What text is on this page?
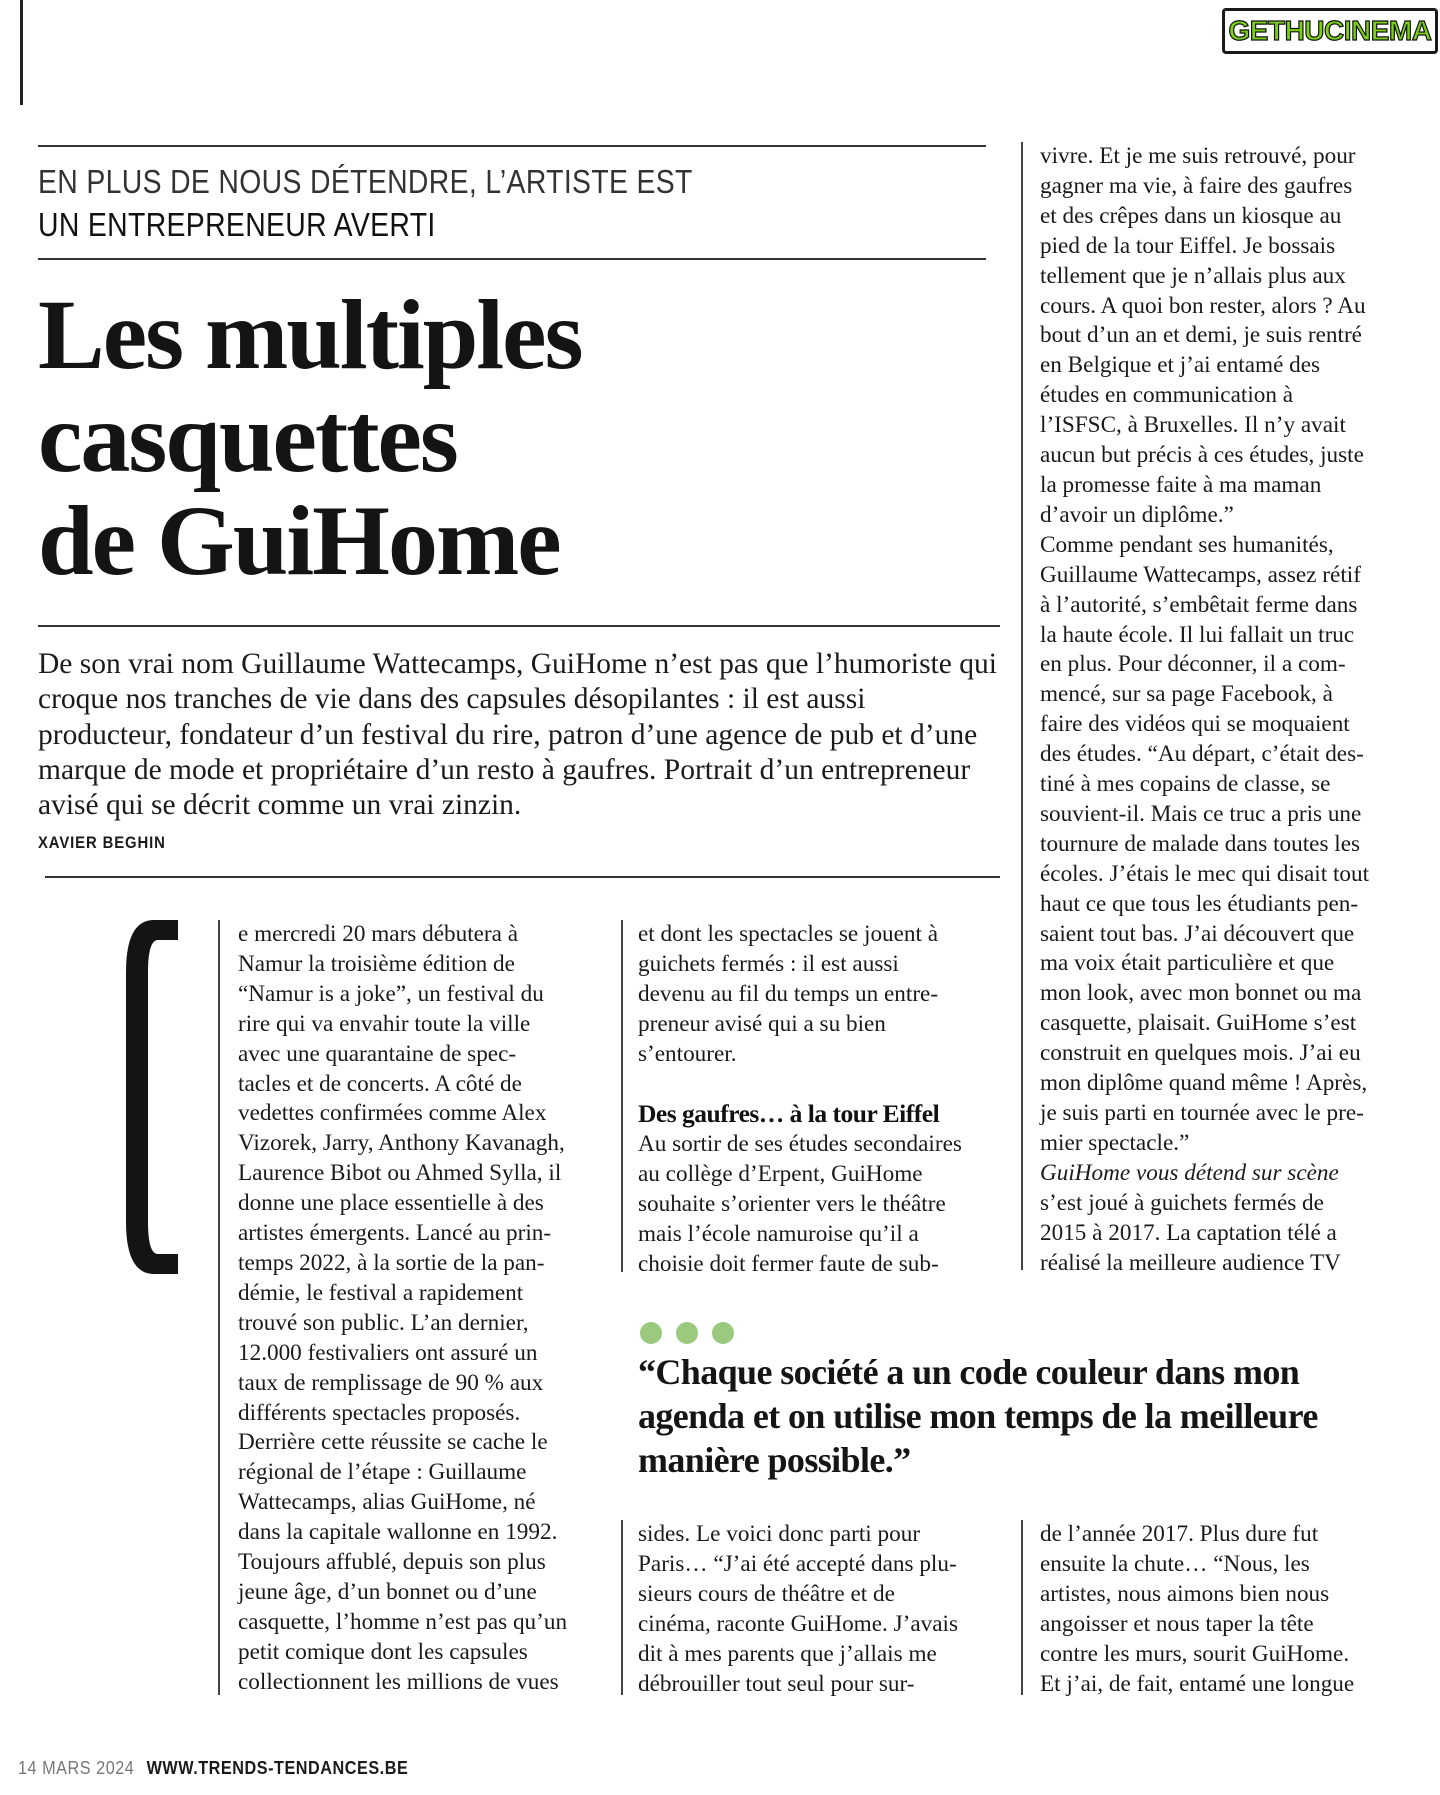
GETHUCINEMA
EN PLUS DE NOUS DÉTENDRE, L’ARTISTE EST
UN ENTREPRENEUR AVERTI
Les multiples
casquettes
de GuiHome

De son vrai nom Guillaume Wattecamps, GuiHome n’est pas que l’humoriste qui croque nos tranches de vie dans des capsules désopilantes : il est aussi producteur, fondateur d’un festival du rire, patron d’une agence de pub et d’une marque de mode et propriétaire d’un resto à gaufres. Portrait d’un entrepreneur avisé qui se décrit comme un vrai zinzin.

XAVIER BEGHIN
e mercredi 20 mars débutera à
Namur la troisième édition de
“Namur is a joke”, un festival du
rire qui va envahir toute la ville
avec une quarantaine de spec-
tacles et de concerts. A côté de
vedettes confirmées comme Alex
Vizorek, Jarry, Anthony Kavanagh,
Laurence Bibot ou Ahmed Sylla, il
donne une place essentielle à des
artistes émergents. Lancé au prin-
temps 2022, à la sortie de la pan-
démie, le festival a rapidement
trouvé son public. L’an dernier,
12.000 festivaliers ont assuré un
taux de remplissage de 90 % aux
différents spectacles proposés.
Derrière cette réussite se cache le
régional de l’étape : Guillaume
Wattecamps, alias GuiHome, né
dans la capitale wallonne en 1992.
Toujours affublé, depuis son plus
jeune âge, d’un bonnet ou d’une
casquette, l’homme n’est pas qu’un
petit comique dont les capsules
collectionnent les millions de vues
et dont les spectacles se jouent à
guichets fermés : il est aussi
devenu au fil du temps un entre-
preneur avisé qui a su bien
s’entourer.
Des gaufres… à la tour Eiffel
Au sortir de ses études secondaires
au collège d’Erpent, GuiHome
souhaite s’orienter vers le théâtre
mais l’école namuroise qu’il a
choisie doit fermer faute de sub-
vivre. Et je me suis retrouvé, pour
gagner ma vie, à faire des gaufres
et des crêpes dans un kiosque au
pied de la tour Eiffel. Je bossais
tellement que je n’allais plus aux
cours. A quoi bon rester, alors ? Au
bout d’un an et demi, je suis rentré
en Belgique et j’ai entamé des
études en communication à
l’ISFSC, à Bruxelles. Il n’y avait
aucun but précis à ces études, juste
la promesse faite à ma maman
d’avoir un diplôme.”
Comme pendant ses humanités,
Guillaume Wattecamps, assez rétif
à l’autorité, s’embêtait ferme dans
la haute école. Il lui fallait un truc
en plus. Pour déconner, il a com-
mencé, sur sa page Facebook, à
faire des vidéos qui se moquaient
des études. “Au départ, c’était des-
tiné à mes copains de classe, se
souvient-il. Mais ce truc a pris une
tournure de malade dans toutes les
écoles. J’étais le mec qui disait tout
haut ce que tous les étudiants pen-
saient tout bas. J’ai découvert que
ma voix était particulière et que
mon look, avec mon bonnet ou ma
casquette, plaisait. GuiHome s’est
construit en quelques mois. J’ai eu
mon diplôme quand même ! Après,
je suis parti en tournée avec le pre-
mier spectacle.”
GuiHome vous détend sur scène
s’est joué à guichets fermés de
2015 à 2017. La captation télé a
réalisé la meilleure audience TV
“Chaque société a un code couleur dans mon
agenda et on utilise mon temps de la meilleure
manière possible.”
sides. Le voici donc parti pour
Paris… “J’ai été accepté dans plu-
sieurs cours de théâtre et de
cinéma, raconte GuiHome. J’avais
dit à mes parents que j’allais me
débrouiller tout seul pour sur-
de l’année 2017. Plus dure fut
ensuite la chute… “Nous, les
artistes, nous aimons bien nous
angoisser et nous taper la tête
contre les murs, sourit GuiHome.
Et j’ai, de fait, entamé une longue
14 MARS 2024 WWW.TRENDS-TENDANCES.BE
